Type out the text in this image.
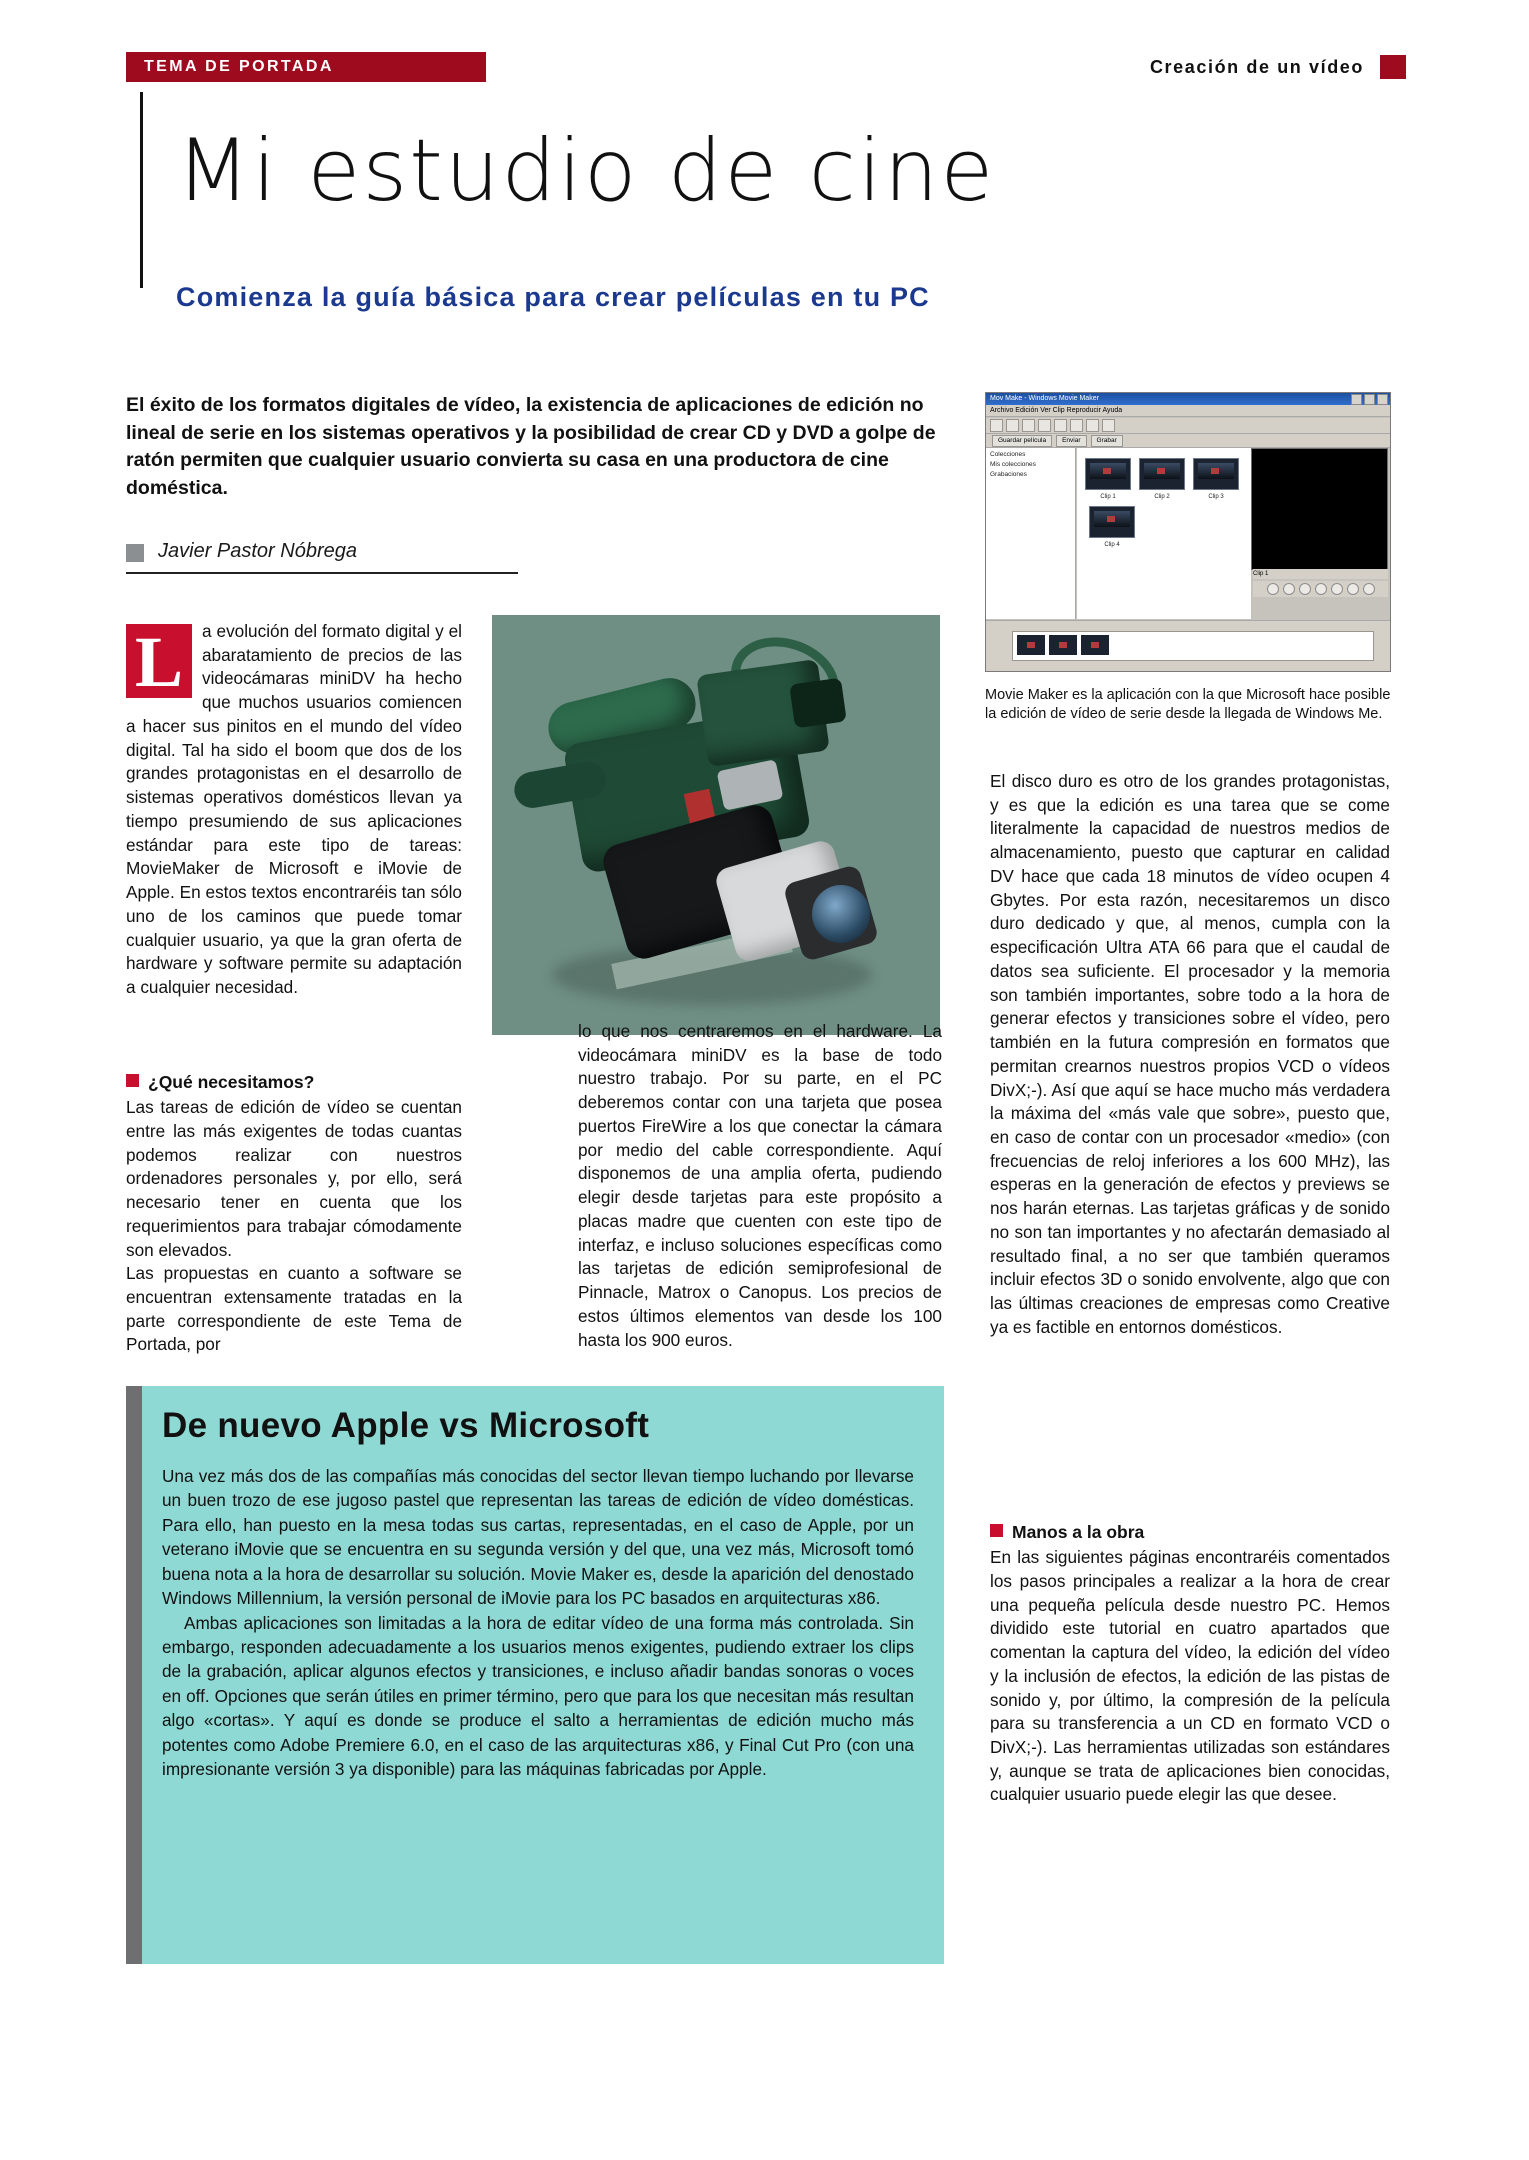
TEMA DE PORTADA	Creación de un vídeo
Mi estudio de cine
Comienza la guía básica para crear películas en tu PC
El éxito de los formatos digitales de vídeo, la existencia de aplicaciones de edición no lineal de serie en los sistemas operativos y la posibilidad de crear CD y DVD a golpe de ratón permiten que cualquier usuario convierta su casa en una productora de cine doméstica.
Javier Pastor Nóbrega
L	a evolución del formato digital y el abaratamiento de precios de las videocámaras miniDV ha hecho que muchos usuarios comiencen a hacer sus pinitos en el mundo del vídeo digital. Tal ha sido el boom que dos de los grandes protagonistas en el desarrollo de sistemas operativos domésticos llevan ya tiempo presumiendo de sus aplicaciones estándar para este tipo de tareas: MovieMaker de Microsoft e iMovie de Apple. En estos textos encontraréis tan sólo uno de los caminos que puede tomar cualquier usuario, ya que la gran oferta de hardware y software permite su adaptación a cualquier necesidad.

¿Qué necesitamos?

Las tareas de edición de vídeo se cuentan entre las más exigentes de todas cuantas podemos realizar con nuestros ordenadores personales y, por ello, será necesario tener en cuenta que los requerimientos para trabajar cómodamente son elevados.

Las propuestas en cuanto a software se encuentran extensamente tratadas en la parte correspondiente de este Tema de Portada, por

lo que nos centraremos en el hardware. La videocámara miniDV es la base de todo nuestro trabajo. Por su parte, en el PC deberemos contar con una tarjeta que posea puertos FireWire a los que conectar la cámara por medio del cable correspondiente. Aquí disponemos de una amplia oferta, pudiendo elegir desde tarjetas para este propósito a placas madre que cuenten con este tipo de interfaz, e incluso soluciones específicas como las tarjetas de edición semiprofesional de Pinnacle, Matrox o Canopus. Los precios de estos últimos elementos van desde los 100 hasta los 900 euros.

Mov Make - Windows Movie Maker
Archivo Edición Ver Clip Reproducir Ayuda
Guardar película	Enviar	Grabar
Colecciones
Mis colecciones
Grabaciones
Clip 1	Clip 2	Clip 3
Clip 4
Clip 1
Movie Maker es la aplicación con la que Microsoft hace posible la edición de vídeo de serie desde la llegada de Windows Me.

El disco duro es otro de los grandes protagonistas, y es que la edición es una tarea que se come literalmente la capacidad de nuestros medios de almacenamiento, puesto que capturar en calidad DV hace que cada 18 minutos de vídeo ocupen 4 Gbytes. Por esta razón, necesitaremos un disco duro dedicado y que, al menos, cumpla con la especificación Ultra ATA 66 para que el caudal de datos sea suficiente. El procesador y la memoria son también importantes, sobre todo a la hora de generar efectos y transiciones sobre el vídeo, pero también en la futura compresión en formatos que permitan crearnos nuestros propios VCD o vídeos DivX;-). Así que aquí se hace mucho más verdadera la máxima del «más vale que sobre», puesto que, en caso de contar con un procesador «medio» (con frecuencias de reloj inferiores a los 600 MHz), las esperas en la generación de efectos y previews se nos harán eternas. Las tarjetas gráficas y de sonido no son tan importantes y no afectarán demasiado al resultado final, a no ser que también queramos incluir efectos 3D o sonido envolvente, algo que con las últimas creaciones de empresas como Creative ya es factible en entornos domésticos.

Manos a la obra

En las siguientes páginas encontraréis comentados los pasos principales a realizar a la hora de crear una pequeña película desde nuestro PC. Hemos dividido este tutorial en cuatro apartados que comentan la captura del vídeo, la edición del vídeo y la inclusión de efectos, la edición de las pistas de sonido y, por último, la compresión de la película para su transferencia a un CD en formato VCD o DivX;-). Las herramientas utilizadas son estándares y, aunque se trata de aplicaciones bien conocidas, cualquier usuario puede elegir las que desee.

De nuevo Apple vs Microsoft

Una vez más dos de las compañías más conocidas del sector llevan tiempo luchando por llevarse un buen trozo de ese jugoso pastel que representan las tareas de edición de vídeo domésticas. Para ello, han puesto en la mesa todas sus cartas, representadas, en el caso de Apple, por un veterano iMovie que se encuentra en su segunda versión y del que, una vez más, Microsoft tomó buena nota a la hora de desarrollar su solución. Movie Maker es, desde la aparición del denostado Windows Millennium, la versión personal de iMovie para los PC basados en arquitecturas x86.

Ambas aplicaciones son limitadas a la hora de editar vídeo de una forma más controlada. Sin embargo, responden adecuadamente a los usuarios menos exigentes, pudiendo extraer los clips de la grabación, aplicar algunos efectos y transiciones, e incluso añadir bandas sonoras o voces en off. Opciones que serán útiles en primer término, pero que para los que necesitan más resultan algo «cortas». Y aquí es donde se produce el salto a herramientas de edición mucho más potentes como Adobe Premiere 6.0, en el caso de las arquitecturas x86, y Final Cut Pro (con una impresionante versión 3 ya disponible) para las máquinas fabricadas por Apple.
